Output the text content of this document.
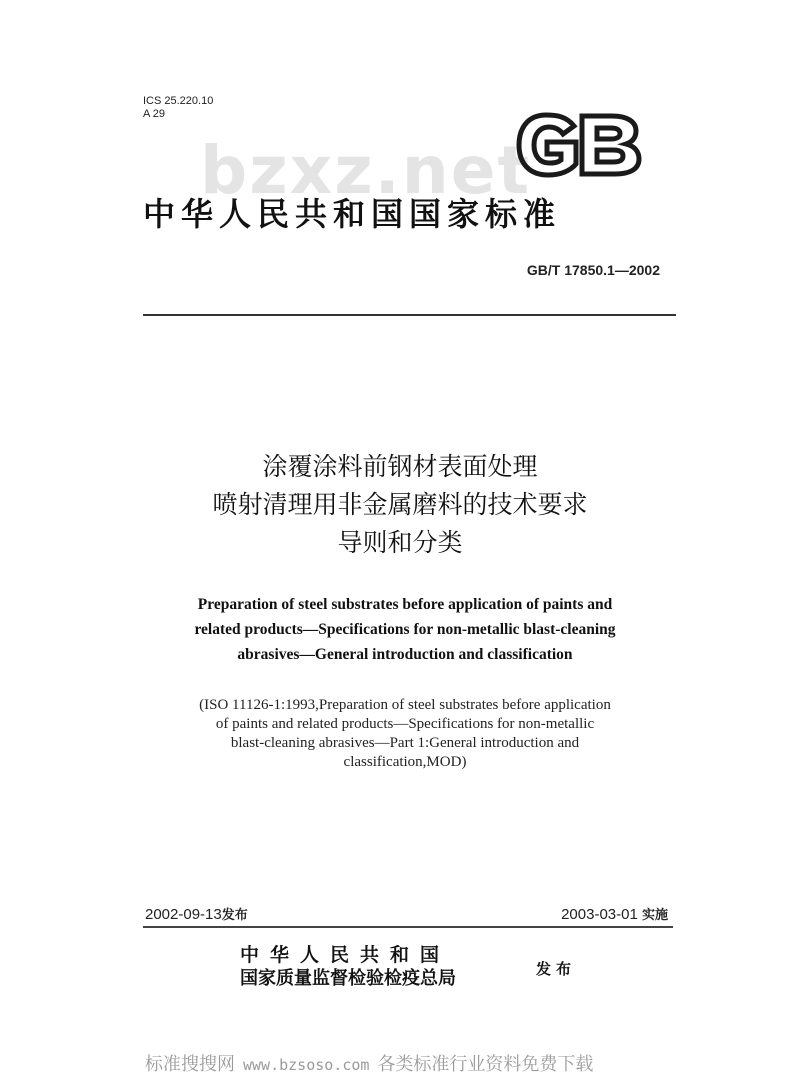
ICS 25.220.10
A 29
bzxz.net
中华人民共和国国家标准
GB/T 17850.1—2002
涂覆涂料前钢材表面处理
喷射清理用非金属磨料的技术要求
导则和分类
Preparation of steel substrates before application of paints and
related products—Specifications for non-metallic blast-cleaning
abrasives—General introduction and classification
(ISO 11126-1:1993,Preparation of steel substrates before application
of paints and related products—Specifications for non-metallic
blast-cleaning abrasives—Part 1:General introduction and
classification,MOD)
2002-09-13发布	2003-03-01 实施
中华人民共和国
国家质量监督检验检疫总局	发布
标准搜搜网 www.bzsoso.com 各类标准行业资料免费下载
